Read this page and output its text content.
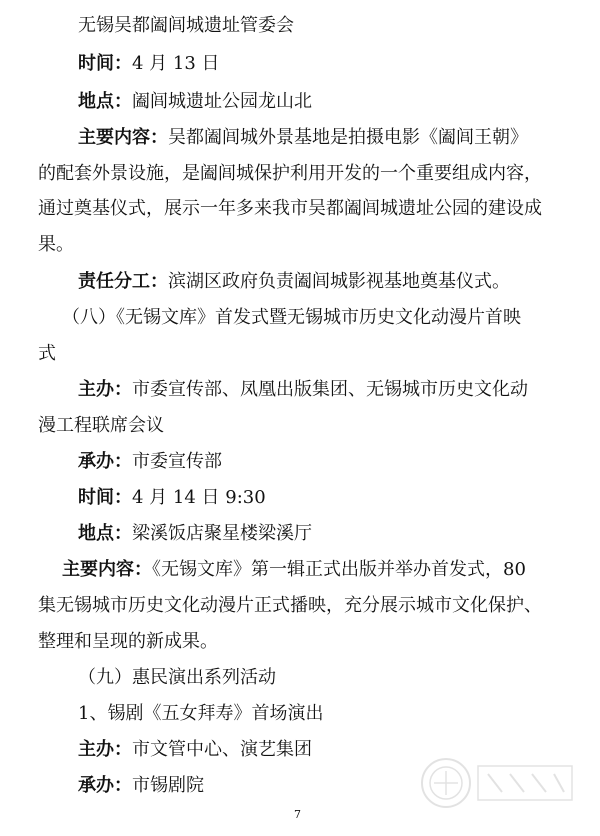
无锡吴都阖闾城遗址管委会
时间：4 月 13 日
地点：阖闾城遗址公园龙山北
主要内容：吴都阖闾城外景基地是拍摄电影《阖闾王朝》
的配套外景设施，是阖闾城保护利用开发的一个重要组成内容，
通过奠基仪式，展示一年多来我市吴都阖闾城遗址公园的建设成
果。
责任分工：滨湖区政府负责阖闾城影视基地奠基仪式。
（八）《无锡文库》首发式暨无锡城市历史文化动漫片首映
式
主办：市委宣传部、凤凰出版集团、无锡城市历史文化动
漫工程联席会议
承办：市委宣传部
时间：4 月 14 日 9:30
地点：梁溪饭店聚星楼梁溪厅
主要内容：《无锡文库》第一辑正式出版并举办首发式，80
集无锡城市历史文化动漫片正式播映，充分展示城市文化保护、
整理和呈现的新成果。
（九）惠民演出系列活动
1、锡剧《五女拜寿》首场演出
主办：市文管中心、演艺集团
承办：市锡剧院
7
